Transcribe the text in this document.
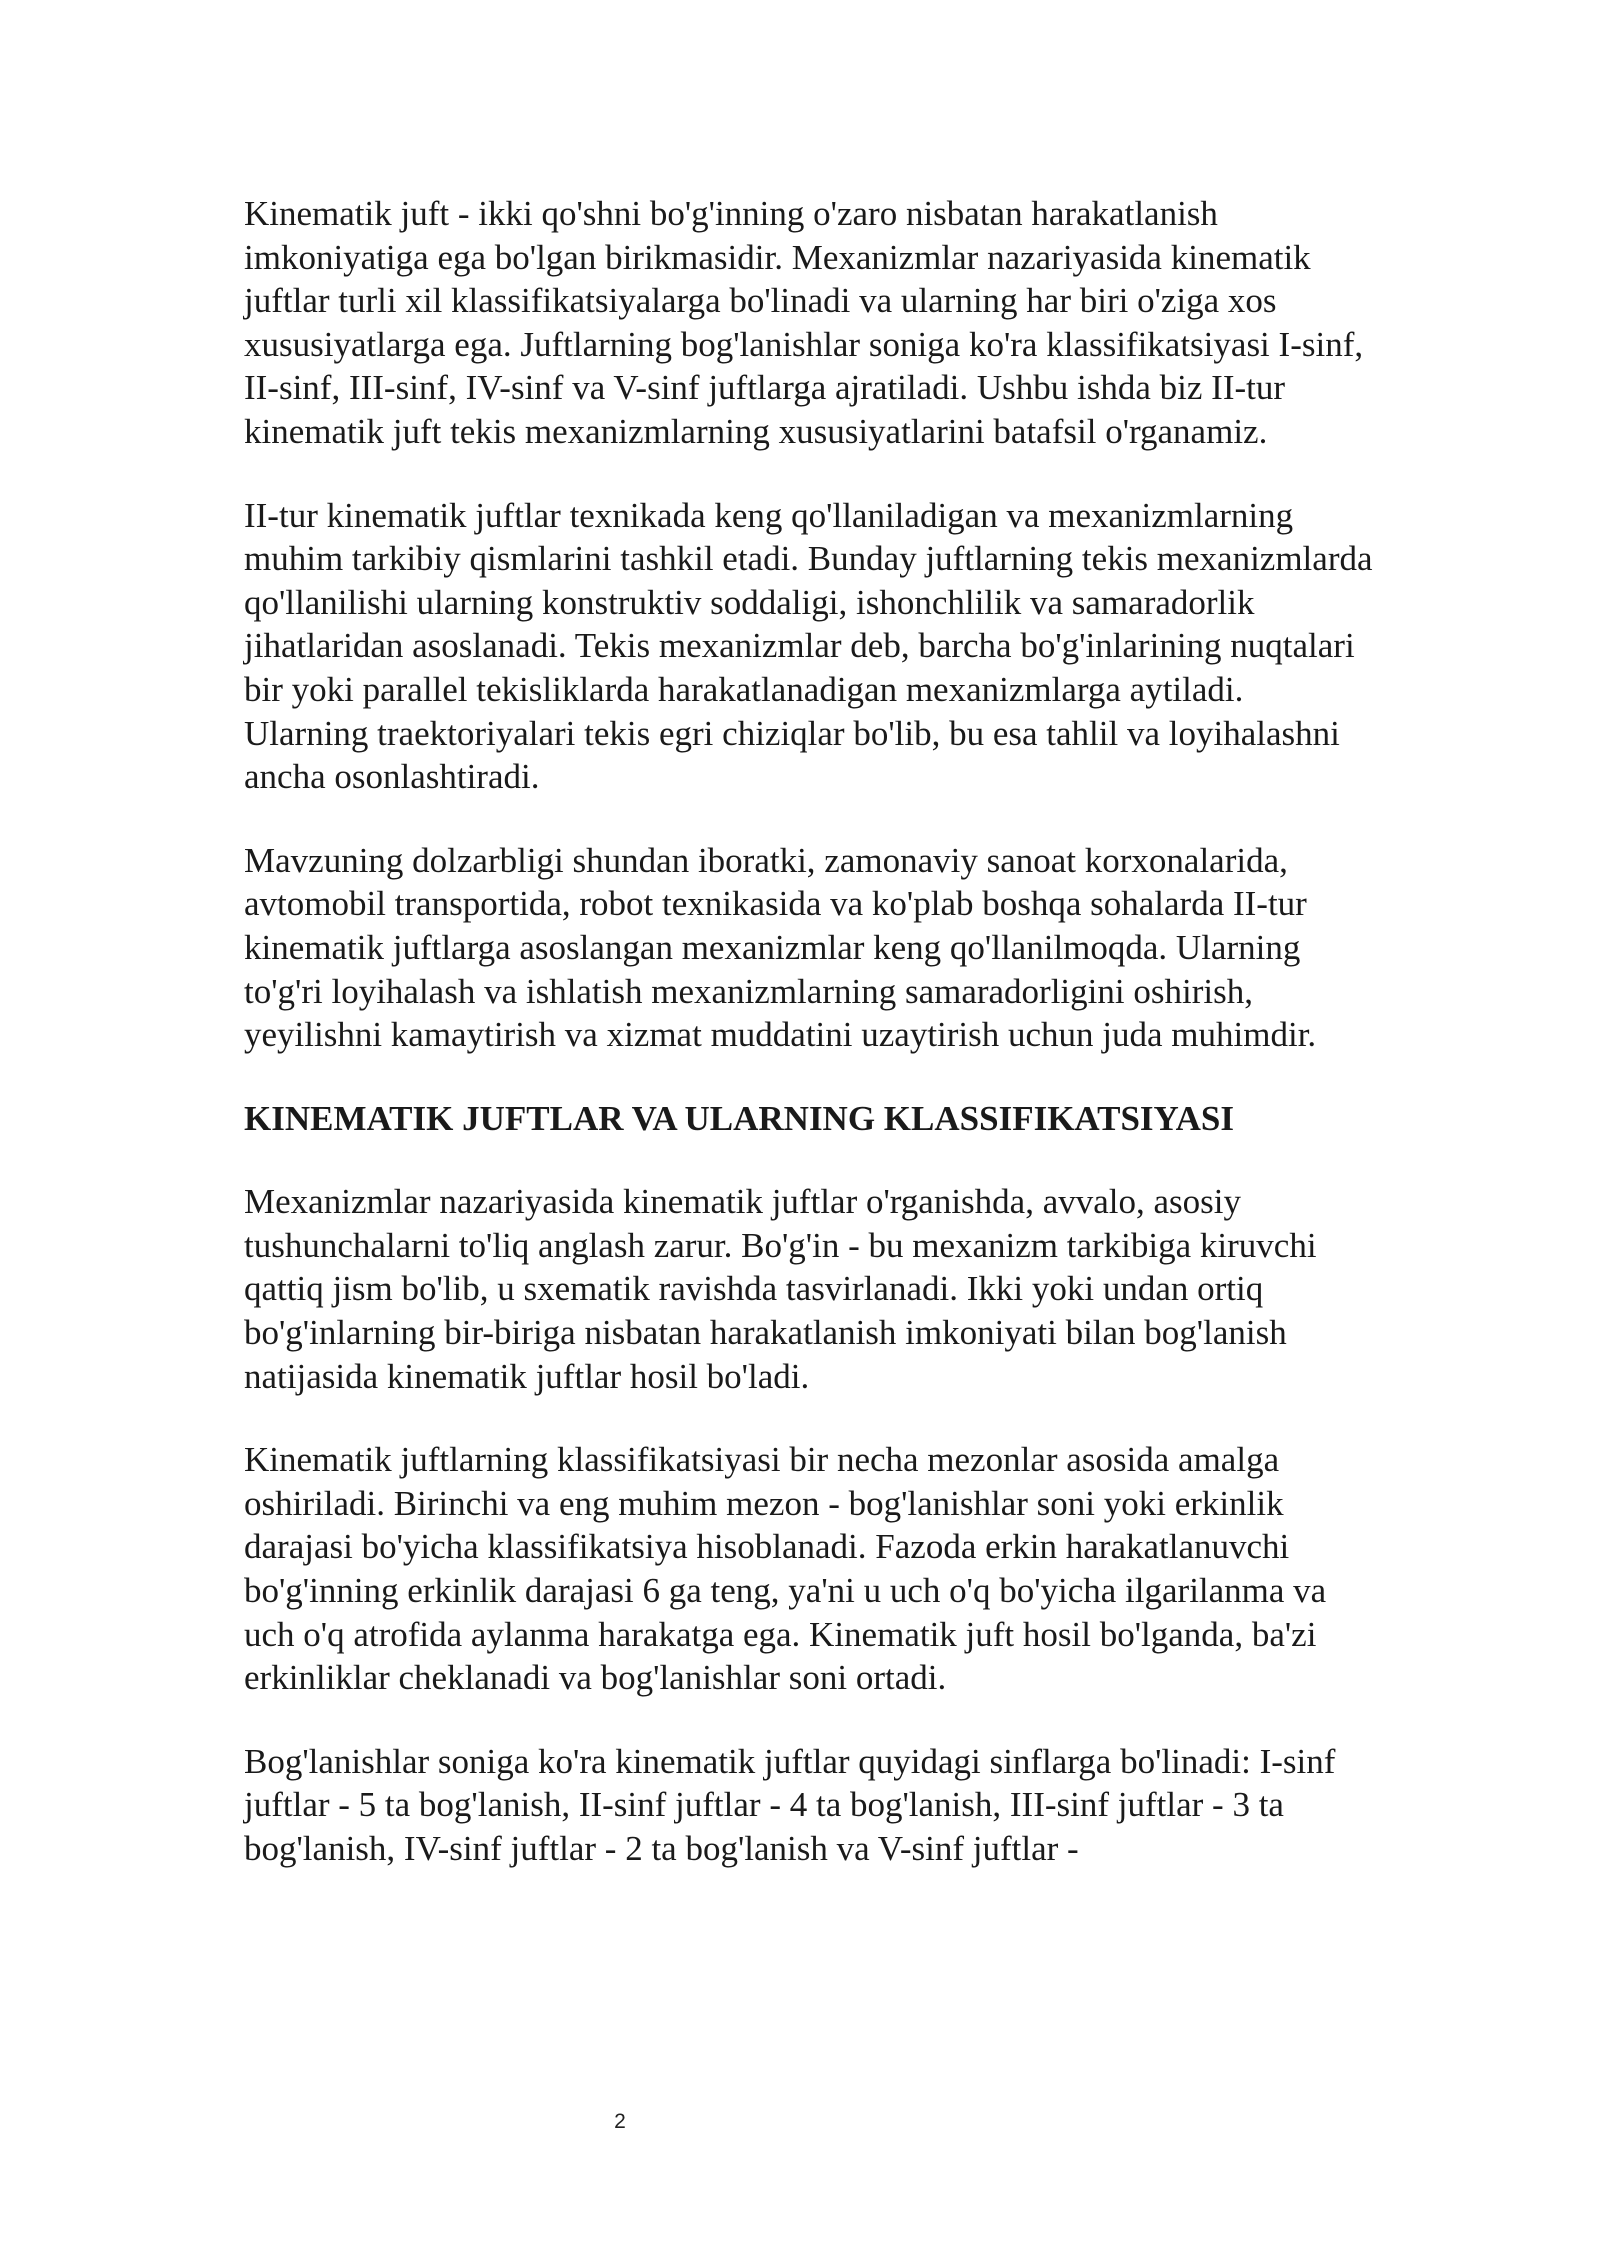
Kinematik juft - ikki qo'shni bo'g'inning o'zaro nisbatan harakatlanish imkoniyatiga ega bo'lgan birikmasidir. Mexanizmlar nazariyasida kinematik juftlar turli xil klassifikatsiyalarga bo'linadi va ularning har biri o'ziga xos xususiyatlarga ega. Juftlarning bog'lanishlar soniga ko'ra klassifikatsiyasi I-sinf, II-sinf, III-sinf, IV-sinf va V-sinf juftlarga ajratiladi. Ushbu ishda biz II-tur kinematik juft tekis mexanizmlarning xususiyatlarini batafsil o'rganamiz.

II-tur kinematik juftlar texnikada keng qo'llaniladigan va mexanizmlarning muhim tarkibiy qismlarini tashkil etadi. Bunday juftlarning tekis mexanizmlarda qo'llanilishi ularning konstruktiv soddaligi, ishonchlilik va samaradorlik jihatlaridan asoslanadi. Tekis mexanizmlar deb, barcha bo'g'inlarining nuqtalari bir yoki parallel tekisliklarda harakatlanadigan mexanizmlarga aytiladi. Ularning traektoriyalari tekis egri chiziqlar bo'lib, bu esa tahlil va loyihalashni ancha osonlashtiradi.

Mavzuning dolzarbligi shundan iboratki, zamonaviy sanoat korxonalarida, avtomobil transportida, robot texnikasida va ko'plab boshqa sohalarda II-tur kinematik juftlarga asoslangan mexanizmlar keng qo'llanilmoqda. Ularning to'g'ri loyihalash va ishlatish mexanizmlarning samaradorligini oshirish, yeyilishni kamaytirish va xizmat muddatini uzaytirish uchun juda muhimdir.

KINEMATIK JUFTLAR VA ULARNING KLASSIFIKATSIYASI

Mexanizmlar nazariyasida kinematik juftlar o'rganishda, avvalo, asosiy tushunchalarni to'liq anglash zarur. Bo'g'in - bu mexanizm tarkibiga kiruvchi qattiq jism bo'lib, u sxematik ravishda tasvirlanadi. Ikki yoki undan ortiq bo'g'inlarning bir-biriga nisbatan harakatlanish imkoniyati bilan bog'lanish natijasida kinematik juftlar hosil bo'ladi.

Kinematik juftlarning klassifikatsiyasi bir necha mezonlar asosida amalga oshiriladi. Birinchi va eng muhim mezon - bog'lanishlar soni yoki erkinlik darajasi bo'yicha klassifikatsiya hisoblanadi. Fazoda erkin harakatlanuvchi bo'g'inning erkinlik darajasi 6 ga teng, ya'ni u uch o'q bo'yicha ilgarilanma va uch o'q atrofida aylanma harakatga ega. Kinematik juft hosil bo'lganda, ba'zi erkinliklar cheklanadi va bog'lanishlar soni ortadi.

Bog'lanishlar soniga ko'ra kinematik juftlar quyidagi sinflarga bo'linadi: I-sinf juftlar - 5 ta bog'lanish, II-sinf juftlar - 4 ta bog'lanish, III-sinf juftlar - 3 ta bog'lanish, IV-sinf juftlar - 2 ta bog'lanish va V-sinf juftlar -

2
